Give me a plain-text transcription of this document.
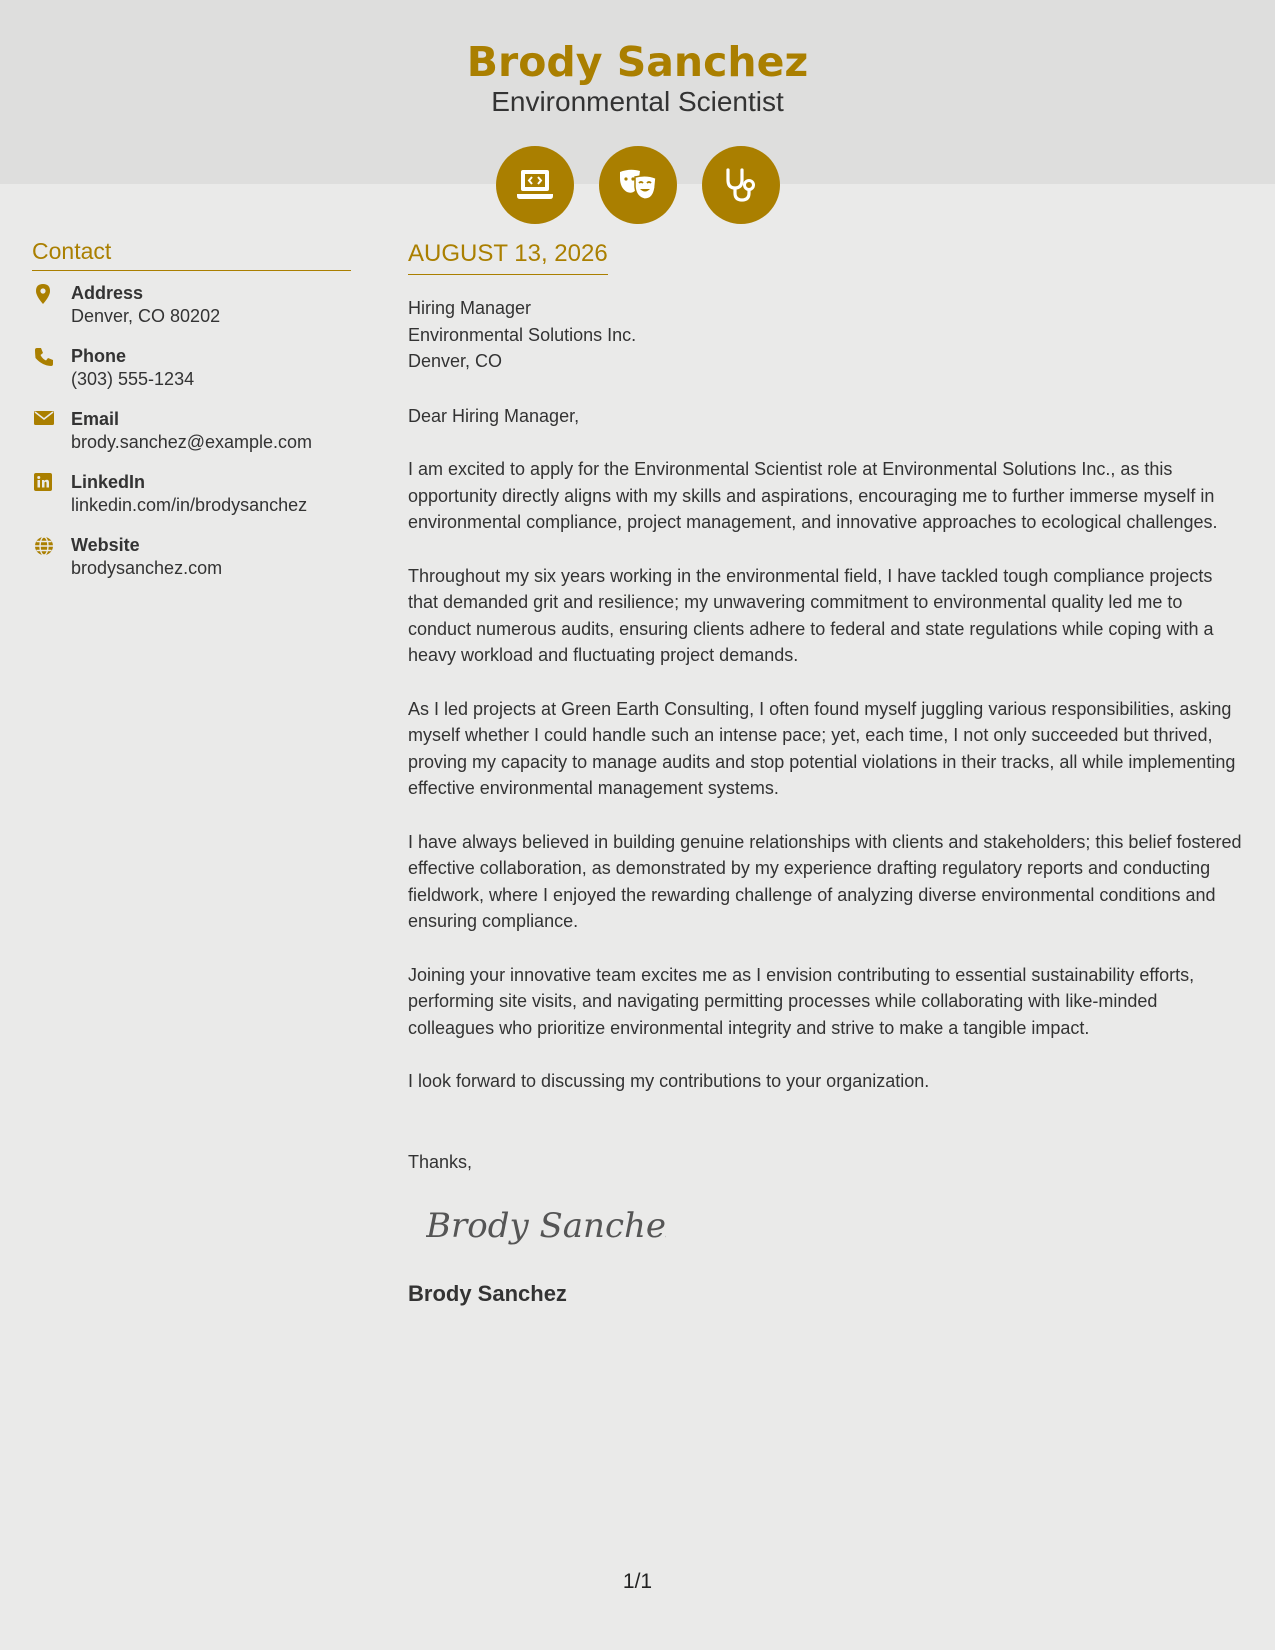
Brody Sanchez
Environmental Scientist
Contact
Address
Denver, CO 80202
Phone
(303) 555-1234
Email
brody.sanchez@example.com
LinkedIn
linkedin.com/in/brodysanchez
Website
brodysanchez.com
AUGUST 13, 2026
Hiring Manager
Environmental Solutions Inc.
Denver, CO
Dear Hiring Manager,

I am excited to apply for the Environmental Scientist role at Environmental Solutions Inc., as this opportunity directly aligns with my skills and aspirations, encouraging me to further immerse myself in environmental compliance, project management, and innovative approaches to ecological challenges.

Throughout my six years working in the environmental field, I have tackled tough compliance projects that demanded grit and resilience; my unwavering commitment to environmental quality led me to conduct numerous audits, ensuring clients adhere to federal and state regulations while coping with a heavy workload and fluctuating project demands.

As I led projects at Green Earth Consulting, I often found myself juggling various responsibilities, asking myself whether I could handle such an intense pace; yet, each time, I not only succeeded but thrived, proving my capacity to manage audits and stop potential violations in their tracks, all while implementing effective environmental management systems.

I have always believed in building genuine relationships with clients and stakeholders; this belief fostered effective collaboration, as demonstrated by my experience drafting regulatory reports and conducting fieldwork, where I enjoyed the rewarding challenge of analyzing diverse environmental conditions and ensuring compliance.

Joining your innovative team excites me as I envision contributing to essential sustainability efforts, performing site visits, and navigating permitting processes while collaborating with like-minded colleagues who prioritize environmental integrity and strive to make a tangible impact.

I look forward to discussing my contributions to your organization.

Thanks,
Brody Sanchez
Brody Sanchez
1/1
